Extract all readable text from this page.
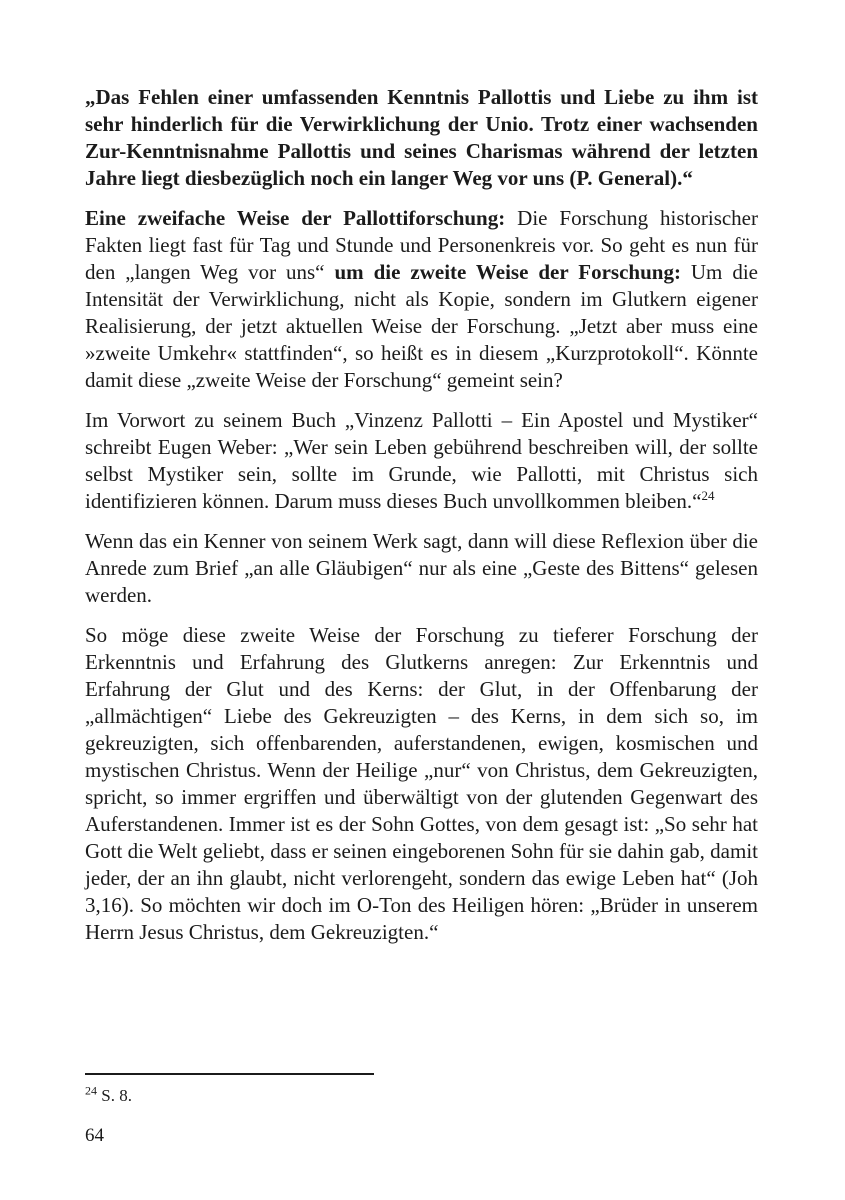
„Das Fehlen einer umfassenden Kenntnis Pallottis und Liebe zu ihm ist sehr hinderlich für die Verwirklichung der Unio. Trotz einer wachsenden Zur-Kenntnisnahme Pallottis und seines Charismas während der letzten Jahre liegt diesbezüglich noch ein langer Weg vor uns (P. General).“

Eine zweifache Weise der Pallottiforschung: Die Forschung historischer Fakten liegt fast für Tag und Stunde und Personenkreis vor. So geht es nun für den „langen Weg vor uns“ um die zweite Weise der Forschung: Um die Intensität der Verwirklichung, nicht als Kopie, sondern im Glutkern eigener Realisierung, der jetzt aktuellen Weise der Forschung. „Jetzt aber muss eine »zweite Umkehr« stattfinden“, so heißt es in diesem „Kurzprotokoll“. Könnte damit diese „zweite Weise der Forschung“ gemeint sein?

Im Vorwort zu seinem Buch „Vinzenz Pallotti – Ein Apostel und Mystiker“ schreibt Eugen Weber: „Wer sein Leben gebührend beschreiben will, der sollte selbst Mystiker sein, sollte im Grunde, wie Pallotti, mit Christus sich identifizieren können. Darum muss dieses Buch unvollkommen bleiben.“$^{24}$

Wenn das ein Kenner von seinem Werk sagt, dann will diese Reflexion über die Anrede zum Brief „an alle Gläubigen“ nur als eine „Geste des Bittens“ gelesen werden.

So möge diese zweite Weise der Forschung zu tieferer Forschung der Erkenntnis und Erfahrung des Glutkerns anregen: Zur Erkenntnis und Erfahrung der Glut und des Kerns: der Glut, in der Offenbarung der „allmächtigen“ Liebe des Gekreuzigten – des Kerns, in dem sich so, im gekreuzigten, sich offenbarenden, auferstandenen, ewigen, kosmischen und mystischen Christus. Wenn der Heilige „nur“ von Christus, dem Gekreuzigten, spricht, so immer ergriffen und überwältigt von der glutenden Gegenwart des Auferstandenen. Immer ist es der Sohn Gottes, von dem gesagt ist: „So sehr hat Gott die Welt geliebt, dass er seinen eingeborenen Sohn für sie dahin gab, damit jeder, der an ihn glaubt, nicht verlorengeht, sondern das ewige Leben hat“ (Joh 3,16). So möchten wir doch im O-Ton des Heiligen hören: „Brüder in unserem Herrn Jesus Christus, dem Gekreuzigten.“

$^{24}$ S. 8.

64
